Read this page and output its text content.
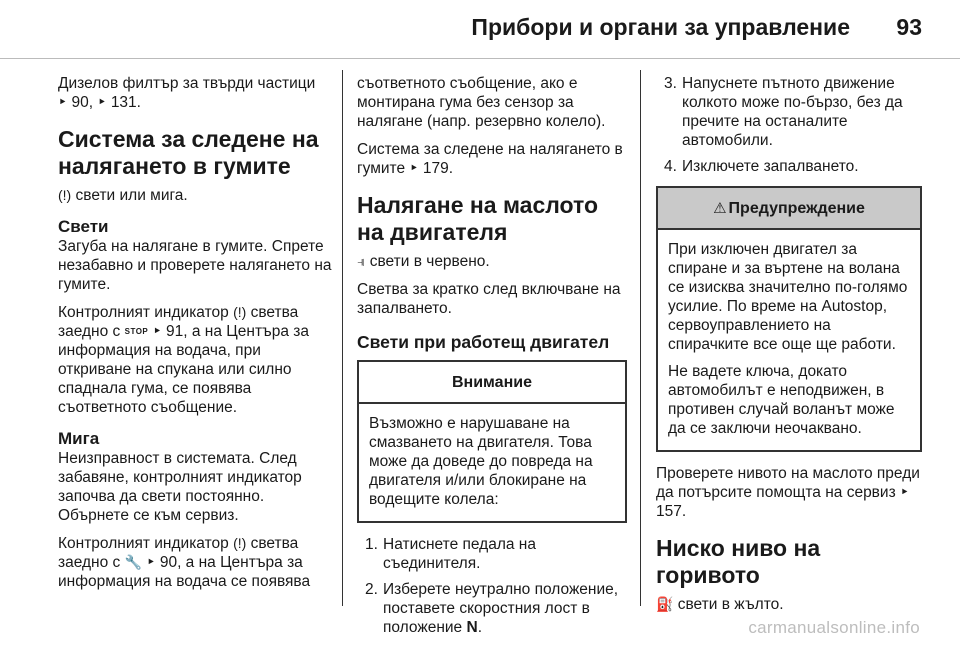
Прибори и органи за управление 93

Дизелов филтър за твърди частици
‣ 90, ‣ 131.

Система за следене на налягането в гумите

(!) свети или мига.

Свети

Загуба на налягане в гумите. Спрете незабавно и проверете налягането на гумите.

Контролният индикатор (!) светва заедно с STOP ‣ 91, а на Центъра за информация на водача, при откриване на спукана или силно спаднала гума, се появява съответното съобщение.

Мига

Неизправност в системата. След забавяне, контролният индикатор започва да свети постоянно. Обърнете се към сервиз.

Контролният индикатор (!) светва заедно с 🔧 ‣ 90, а на Центъра за информация на водача се появява

съответното съобщение, ако е монтирана гума без сензор за налягане (напр. резервно колело).

Система за следене на налягането в гумите ‣ 179.

Налягане на маслото на двигателя

⫣ свети в червено.

Светва за кратко след включване на запалването.

Свети при работещ двигател
Внимание

Възможно е нарушаване на смазването на двигателя. Това може да доведе до повреда на двигателя и/или блокиране на водещите колела:

1. Натиснете педала на съединителя.
2. Изберете неутрално положение, поставете скоростния лост в положение N.
3. Напуснете пътното движение колкото може по-бързо, без да пречите на останалите автомобили.
4. Изключете запалването.
⚠ Предупреждение

При изключен двигател за спиране и за въртене на волана се изисква значително по-голямо усилие. По време на Autostop, сервоуправлението на спирачките все още ще работи.

Не вадете ключа, докато автомобилът е неподвижен, в противен случай воланът може да се заключи неочаквано.

Проверете нивото на маслото преди да потърсите помощта на сервиз ‣ 157.

Ниско ниво на горивото

⛽ свети в жълто.

carmanualsonline.info
